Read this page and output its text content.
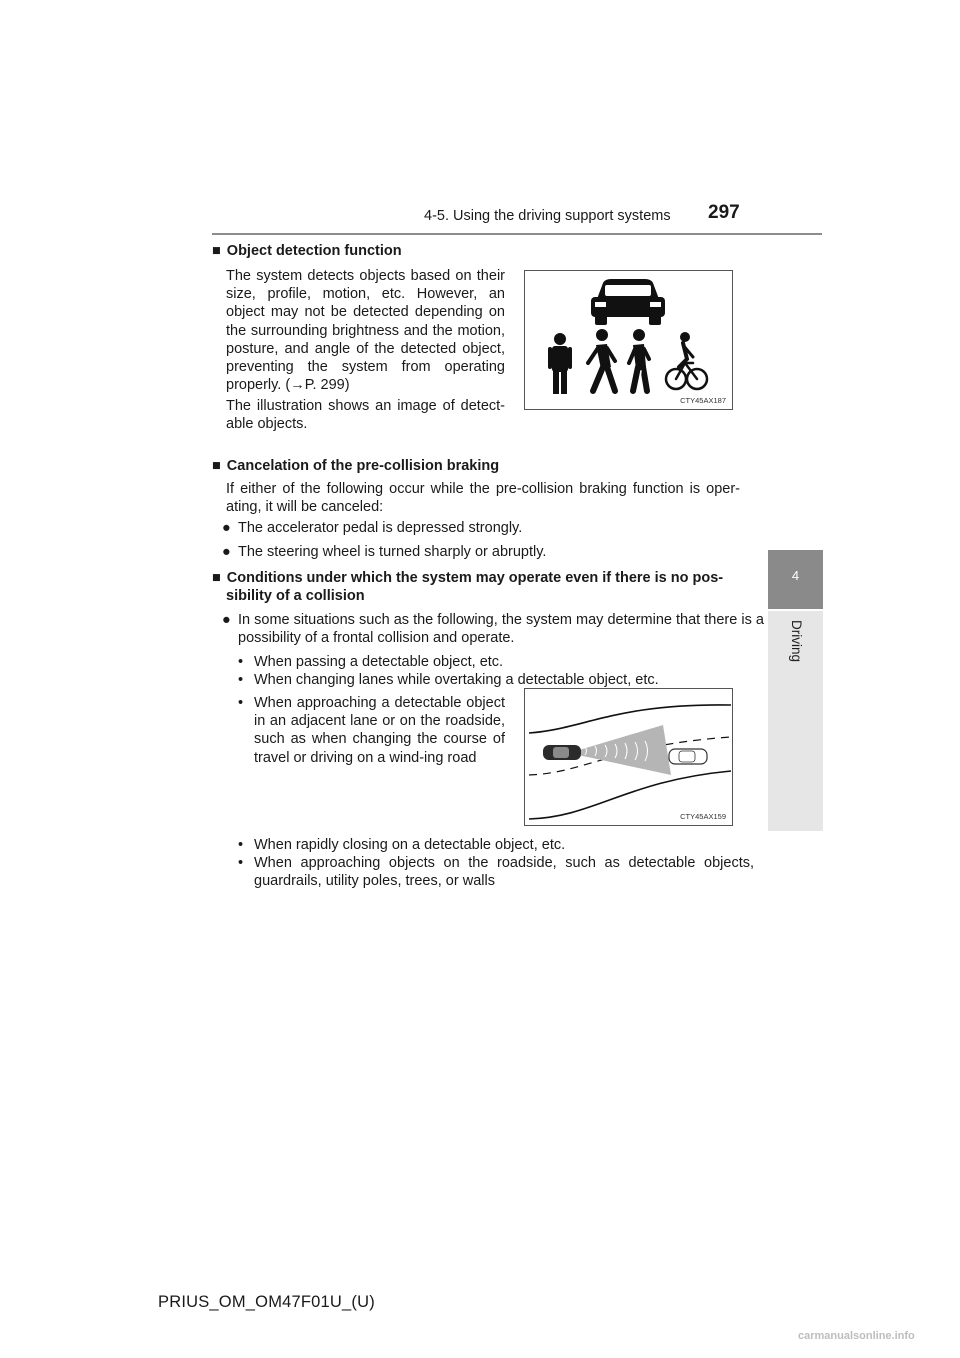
4-5. Using the driving support systems 297
4
Driving
■ Object detection function
The system detects objects based on their size, profile, motion, etc. However, an object may not be detected depending on the surrounding brightness and the motion, posture, and angle of the detected object, preventing the system from operating properly. (→P. 299)
The illustration shows an image of detect-able objects.
CTY45AX187
■ Cancelation of the pre-collision braking
If either of the following occur while the pre-collision braking function is oper-ating, it will be canceled:
● The accelerator pedal is depressed strongly.
● The steering wheel is turned sharply or abruptly.
■ Conditions under which the system may operate even if there is no pos-
sibility of a collision
● In some situations such as the following, the system may determine that there is a possibility of a frontal collision and operate.
• When passing a detectable object, etc.
• When changing lanes while overtaking a detectable object, etc.
• When approaching a detectable object in an adjacent lane or on the roadside, such as when changing the course of travel or driving on a wind-ing road
CTY45AX159
• When rapidly closing on a detectable object, etc.
• When approaching objects on the roadside, such as detectable objects, guardrails, utility poles, trees, or walls
PRIUS_OM_OM47F01U_(U)
carmanualsonline.info
